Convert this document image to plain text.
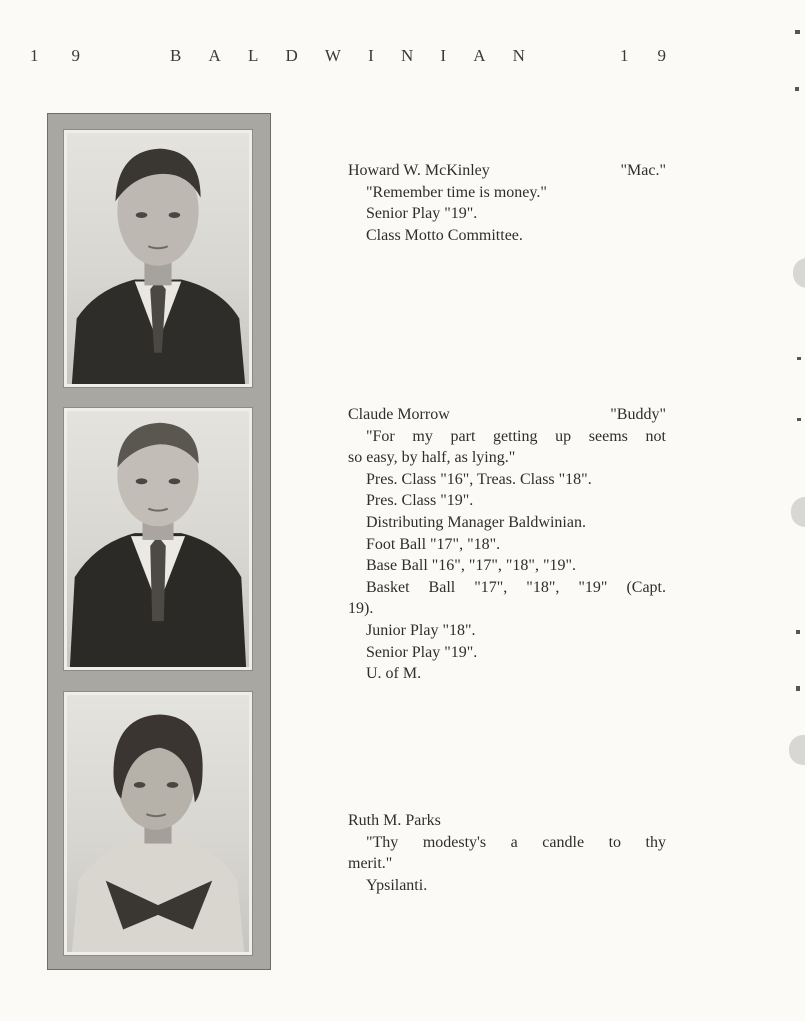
1 9	B A L D W I N I A N	1 9
Howard W. McKinley	"Mac."
"Remember time is money."
Senior Play "19".
Class Motto Committee.
Claude Morrow	"Buddy"
"For my part getting up seems not
so easy, by half, as lying."
Pres. Class "16", Treas. Class "18".
Pres. Class "19".
Distributing Manager Baldwinian.
Foot Ball "17", "18".
Base Ball "16", "17", "18", "19".
Basket Ball "17", "18", "19" (Capt.
19).
Junior Play "18".
Senior Play "19".
U. of M.
Ruth M. Parks
"Thy modesty's a candle to thy
merit."
Ypsilanti.
